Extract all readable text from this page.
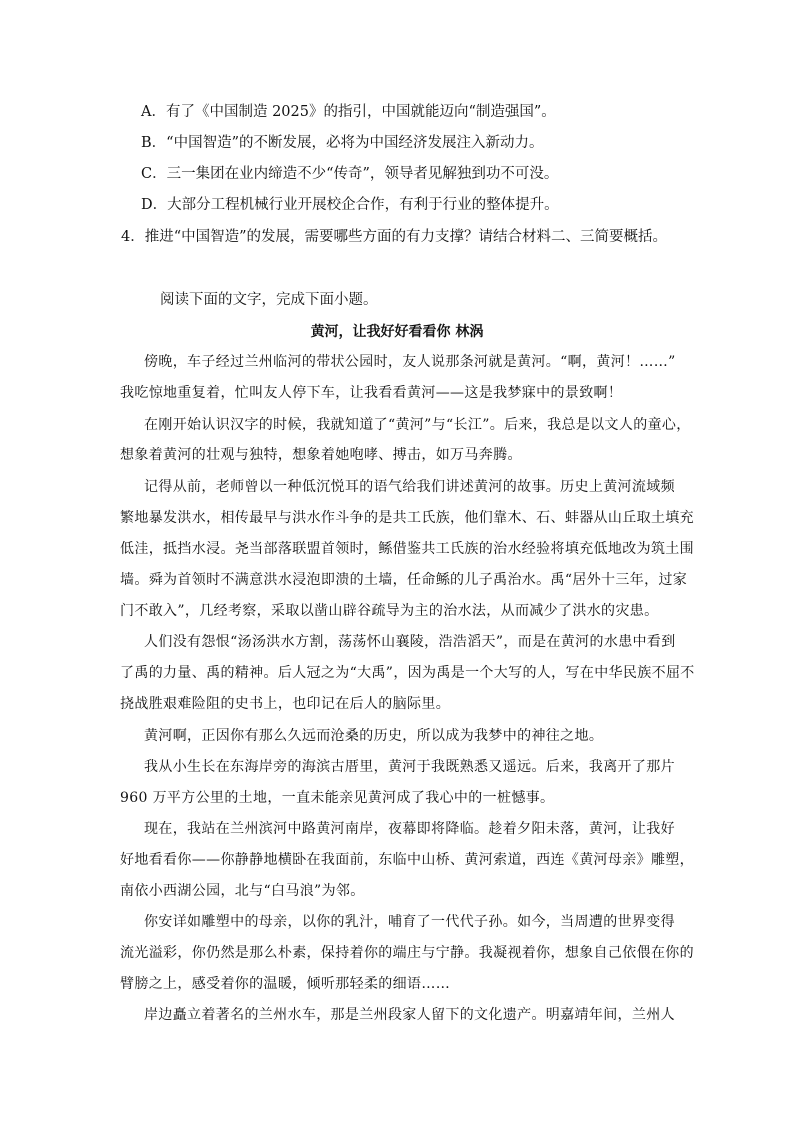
A．有了《中国制造 2025》的指引，中国就能迈向“制造强国”。
B．“中国智造”的不断发展，必将为中国经济发展注入新动力。
C．三一集团在业内缔造不少“传奇”，领导者见解独到功不可没。
D．大部分工程机械行业开展校企合作，有利于行业的整体提升。
4．推进“中国智造”的发展，需要哪些方面的有力支撑？请结合材料二、三简要概括。
阅读下面的文字，完成下面小题。
黄河，让我好好看看你 林涡
傍晚，车子经过兰州临河的带状公园时，友人说那条河就是黄河。“啊，黄河！……”
我吃惊地重复着，忙叫友人停下车，让我看看黄河——这是我梦寐中的景致啊！
在刚开始认识汉字的时候，我就知道了“黄河”与“长江”。后来，我总是以文人的童心，
想象着黄河的壮观与独特，想象着她咆哮、搏击，如万马奔腾。
记得从前，老师曾以一种低沉悦耳的语气给我们讲述黄河的故事。历史上黄河流域频
繁地暴发洪水，相传最早与洪水作斗争的是共工氏族，他们靠木、石、蚌器从山丘取土填充
低洼，抵挡水浸。尧当部落联盟首领时，鲧借鉴共工氏族的治水经验将填充低地改为筑土围
墙。舜为首领时不满意洪水浸泡即溃的土墙，任命鲧的儿子禹治水。禹“居外十三年，过家
门不敢入”，几经考察，采取以凿山辟谷疏导为主的治水法，从而减少了洪水的灾患。
人们没有怨恨“汤汤洪水方割，荡荡怀山襄陵，浩浩滔天”，而是在黄河的水患中看到
了禹的力量、禹的精神。后人冠之为“大禹”，因为禹是一个大写的人，写在中华民族不屈不
挠战胜艰难险阻的史书上，也印记在后人的脑际里。
黄河啊，正因你有那么久远而沧桑的历史，所以成为我梦中的神往之地。
我从小生长在东海岸旁的海滨古厝里，黄河于我既熟悉又遥远。后来，我离开了那片
960 万平方公里的土地，一直未能亲见黄河成了我心中的一桩憾事。
现在，我站在兰州滨河中路黄河南岸，夜幕即将降临。趁着夕阳未落，黄河，让我好
好地看看你——你静静地横卧在我面前，东临中山桥、黄河索道，西连《黄河母亲》雕塑，
南依小西湖公园，北与“白马浪”为邻。
你安详如雕塑中的母亲，以你的乳汁，哺育了一代代子孙。如今，当周遭的世界变得
流光溢彩，你仍然是那么朴素，保持着你的端庄与宁静。我凝视着你，想象自己依偎在你的
臂膀之上，感受着你的温暖，倾听那轻柔的细语……
岸边矗立着著名的兰州水车，那是兰州段家人留下的文化遗产。明嘉靖年间，兰州人
